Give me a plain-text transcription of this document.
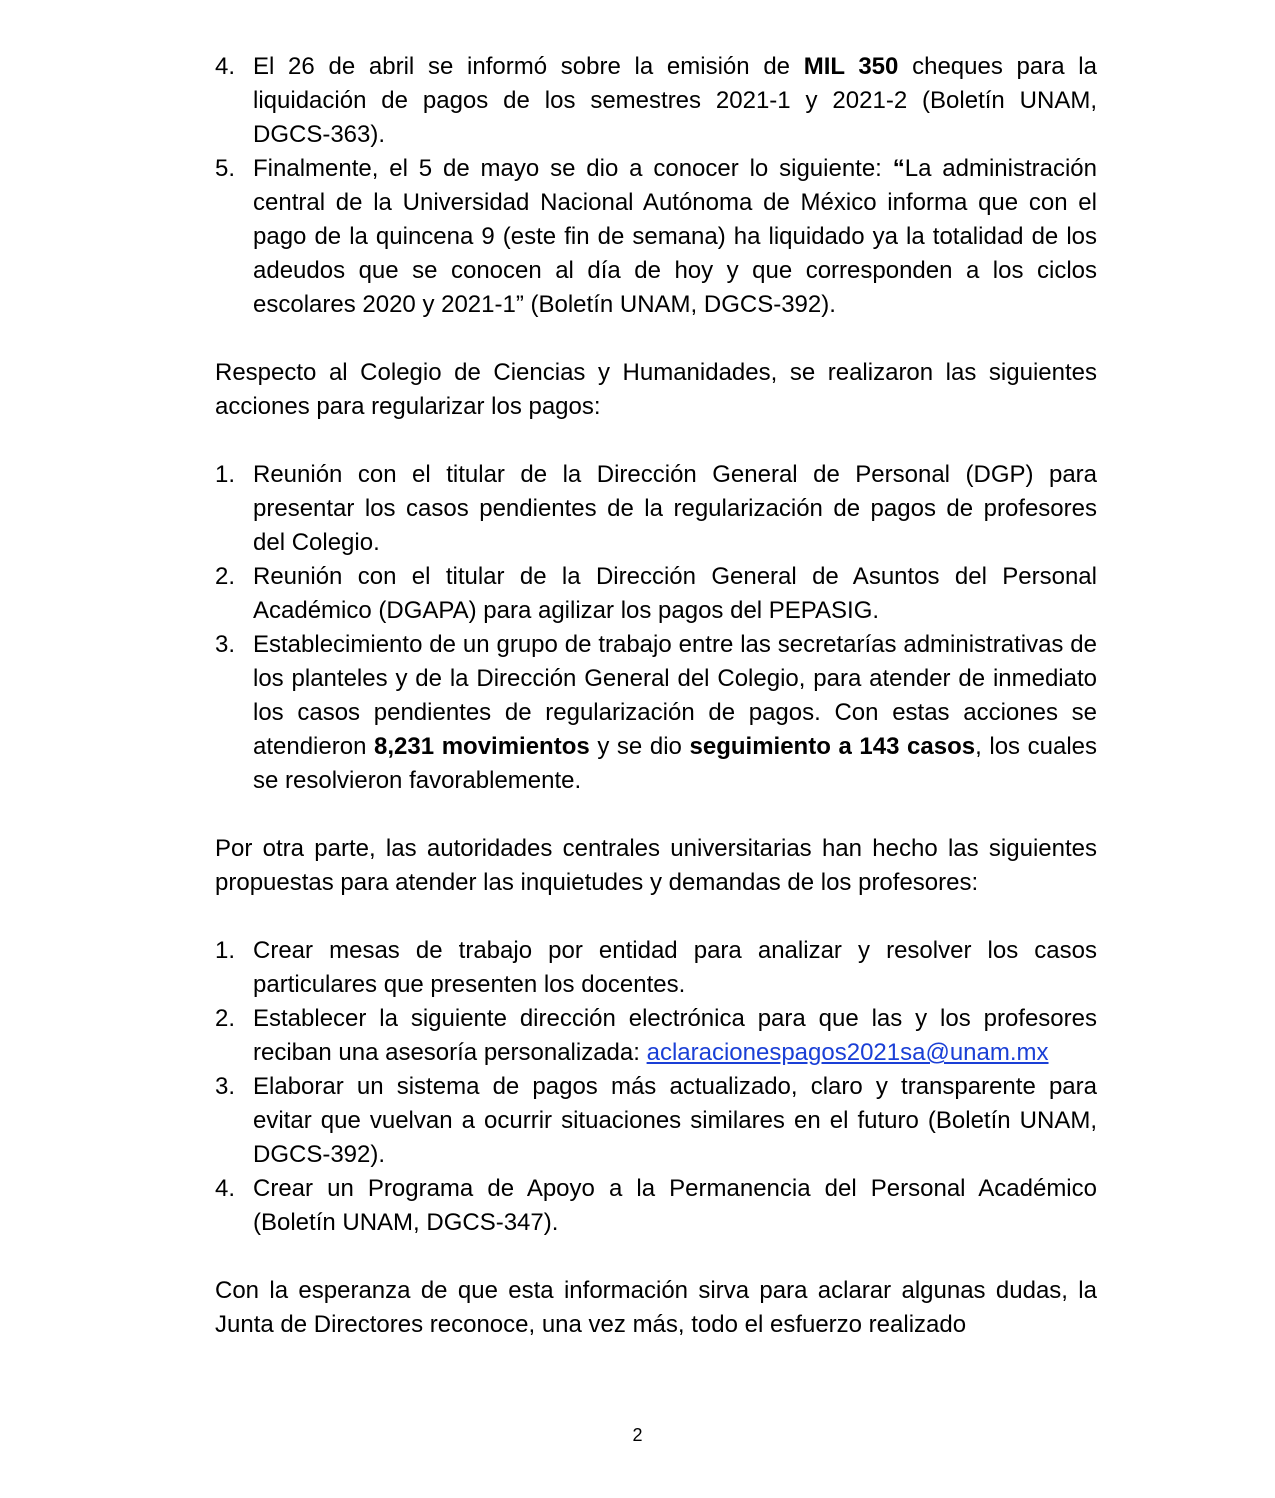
4. El 26 de abril se informó sobre la emisión de MIL 350 cheques para la liquidación de pagos de los semestres 2021-1 y 2021-2 (Boletín UNAM, DGCS-363).
5. Finalmente, el 5 de mayo se dio a conocer lo siguiente: “La administración central de la Universidad Nacional Autónoma de México informa que con el pago de la quincena 9 (este fin de semana) ha liquidado ya la totalidad de los adeudos que se conocen al día de hoy y que corresponden a los ciclos escolares 2020 y 2021-1” (Boletín UNAM, DGCS-392).

Respecto al Colegio de Ciencias y Humanidades, se realizaron las siguientes acciones para regularizar los pagos:

1. Reunión con el titular de la Dirección General de Personal (DGP) para presentar los casos pendientes de la regularización de pagos de profesores del Colegio.
2. Reunión con el titular de la Dirección General de Asuntos del Personal Académico (DGAPA) para agilizar los pagos del PEPASIG.
3. Establecimiento de un grupo de trabajo entre las secretarías administrativas de los planteles y de la Dirección General del Colegio, para atender de inmediato los casos pendientes de regularización de pagos. Con estas acciones se atendieron 8,231 movimientos y se dio seguimiento a 143 casos, los cuales se resolvieron favorablemente.

Por otra parte, las autoridades centrales universitarias han hecho las siguientes propuestas para atender las inquietudes y demandas de los profesores:

1. Crear mesas de trabajo por entidad para analizar y resolver los casos particulares que presenten los docentes.
2. Establecer la siguiente dirección electrónica para que las y los profesores reciban una asesoría personalizada: aclaracionespagos2021sa@unam.mx
3. Elaborar un sistema de pagos más actualizado, claro y transparente para evitar que vuelvan a ocurrir situaciones similares en el futuro (Boletín UNAM, DGCS-392).
4. Crear un Programa de Apoyo a la Permanencia del Personal Académico (Boletín UNAM, DGCS-347).

Con la esperanza de que esta información sirva para aclarar algunas dudas, la Junta de Directores reconoce, una vez más, todo el esfuerzo realizado

2
